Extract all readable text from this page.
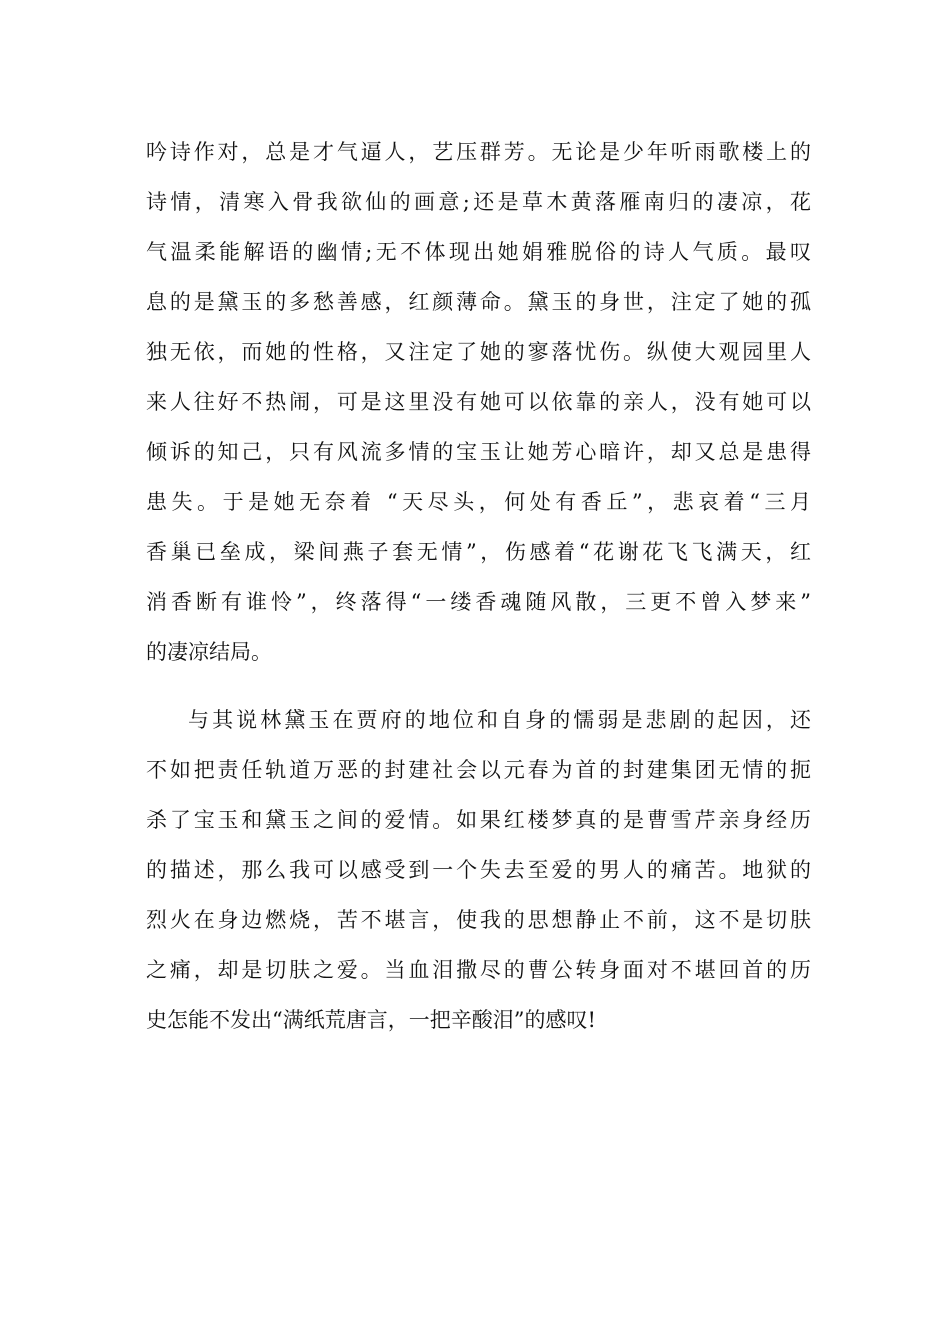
吟诗作对，总是才气逼人，艺压群芳。无论是少年听雨歌楼上的
诗情，清寒入骨我欲仙的画意;还是草木黄落雁南归的凄凉，花
气温柔能解语的幽情;无不体现出她娟雅脱俗的诗人气质。最叹
息的是黛玉的多愁善感，红颜薄命。黛玉的身世，注定了她的孤
独无依，而她的性格，又注定了她的寥落忧伤。纵使大观园里人
来人往好不热闹，可是这里没有她可以依靠的亲人，没有她可以
倾诉的知己，只有风流多情的宝玉让她芳心暗许，却又总是患得
患失。于是她无奈着 “天尽头，何处有香丘”，悲哀着“三月
香巢已垒成，梁间燕子套无情”，伤感着“花谢花飞飞满天，红
消香断有谁怜”，终落得“一缕香魂随风散，三更不曾入梦来”
的凄凉结局。
与其说林黛玉在贾府的地位和自身的懦弱是悲剧的起因，还
不如把责任轨道万恶的封建社会以元春为首的封建集团无情的扼
杀了宝玉和黛玉之间的爱情。如果红楼梦真的是曹雪芹亲身经历
的描述，那么我可以感受到一个失去至爱的男人的痛苦。地狱的
烈火在身边燃烧，苦不堪言，使我的思想静止不前，这不是切肤
之痛，却是切肤之爱。当血泪撒尽的曹公转身面对不堪回首的历
史怎能不发出“满纸荒唐言，一把辛酸泪”的感叹!
